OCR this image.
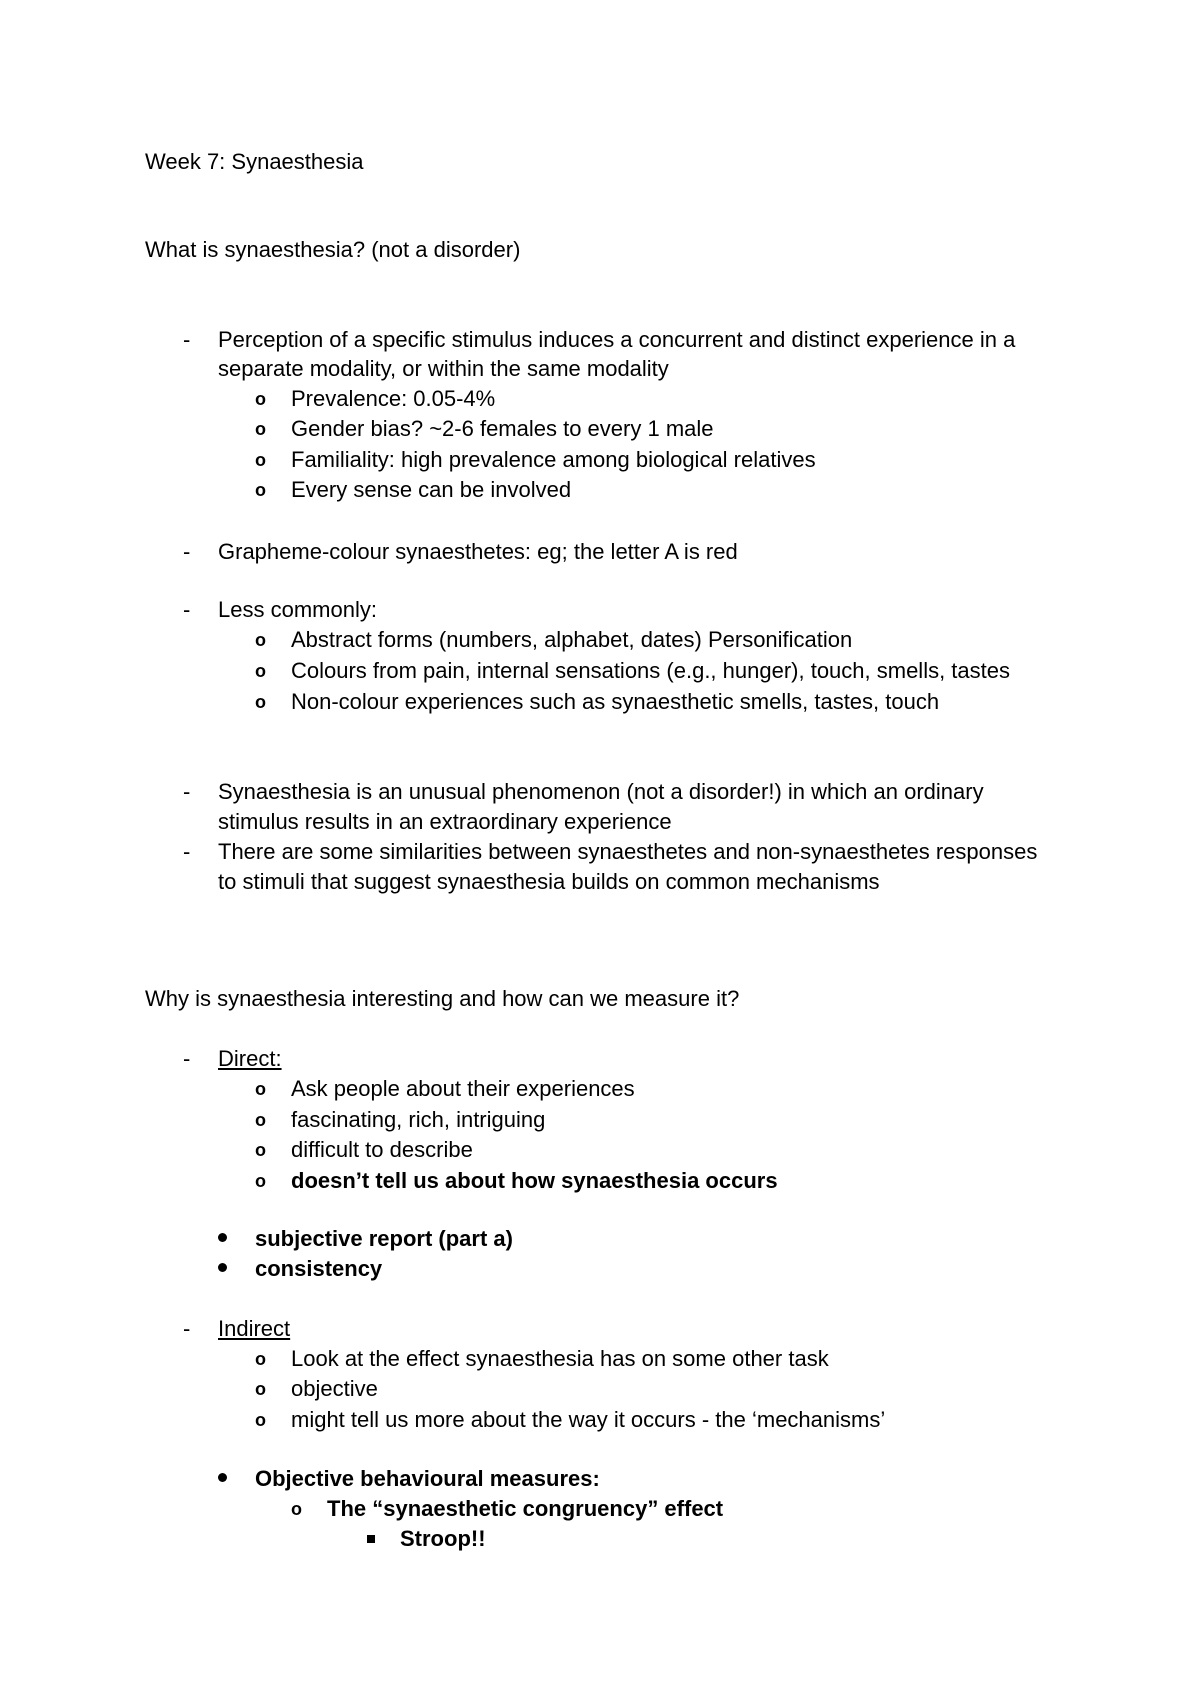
Week 7: Synaesthesia
What is synaesthesia? (not a disorder)
- Perception of a specific stimulus induces a concurrent and distinct experience in a
separate modality, or within the same modality
o Prevalence: 0.05-4%
o Gender bias? ~2-6 females to every 1 male
o Familiality: high prevalence among biological relatives
o Every sense can be involved
- Grapheme-colour synaesthetes: eg; the letter A is red
- Less commonly:
o Abstract forms (numbers, alphabet, dates) Personification
o Colours from pain, internal sensations (e.g., hunger), touch, smells, tastes
o Non-colour experiences such as synaesthetic smells, tastes, touch
- Synaesthesia is an unusual phenomenon (not a disorder!) in which an ordinary
stimulus results in an extraordinary experience
- There are some similarities between synaesthetes and non-synaesthetes responses
to stimuli that suggest synaesthesia builds on common mechanisms
Why is synaesthesia interesting and how can we measure it?
- Direct:
o Ask people about their experiences
o fascinating, rich, intriguing
o difficult to describe
o doesn’t tell us about how synaesthesia occurs
subjective report (part a)
consistency
- Indirect
o Look at the effect synaesthesia has on some other task
o objective
o might tell us more about the way it occurs - the ‘mechanisms’
Objective behavioural measures:
o The “synaesthetic congruency” effect
Stroop!!
